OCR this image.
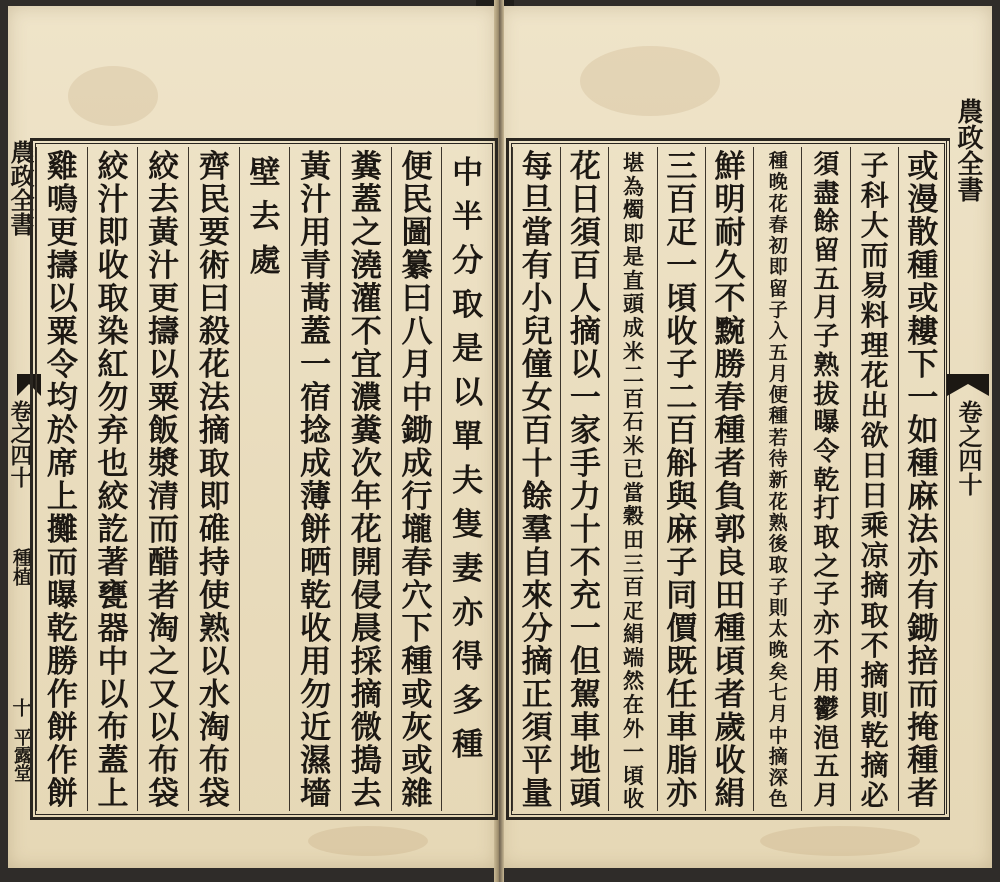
農政全書
卷之四十
種植
十
平露堂
中
半
分
取
是
以
單
夫
隻
妻
亦
得
多
種
便
民
圖
纂
曰
八
月
中
鋤
成
行
壠
春
穴
下
種
或
灰
或
雜
糞
蓋
之
澆
灌
不
宜
濃
糞
次
年
花
開
侵
晨
採
摘
微
搗
去
黃
汁
用
青
蒿
蓋
一
宿
捻
成
薄
餅
晒
乾
收
用
勿
近
濕
墻
壁
去
處
齊
民
要
術
曰
殺
花
法
摘
取
即
碓
持
使
熟
以
水
淘
布
袋
絞
去
黃
汁
更
擣
以
粟
飯
漿
清
而
醋
者
淘
之
又
以
布
袋
絞
汁
即
收
取
染
紅
勿
弃
也
絞
訖
著
甕
器
中
以
布
蓋
上
雞
鳴
更
擣
以
粟
令
均
於
席
上
攤
而
曝
乾
勝
作
餅
作
餅
或
漫
散
種
或
耬
下
一
如
種
麻
法
亦
有
鋤
掊
而
掩
種
者
子
科
大
而
易
料
理
花
出
欲
日
日
乘
凉
摘
取
不
摘
則
乾
摘
必
須
盡
餘
留
五
月
子
熟
拔
曝
令
乾
打
取
之
子
亦
不
用
鬱
浥
五
月
種
晚
花
春
初
即
留
子
入
五
月
便
種
若
待
新
花
熟
後
取
子
則
太
晚
矣
七
月
中
摘
深
色
鮮
明
耐
久
不
黦
勝
春
種
者
負
郭
良
田
種
頃
者
歲
收
絹
三
百
疋
一
頃
收
子
二
百
斛
與
麻
子
同
價
既
任
車
脂
亦
堪
為
燭
即
是
直
頭
成
米
二
百
石
米
已
當
穀
田
三
百
疋
絹
端
然
在
外
一
頃
收
花
日
須
百
人
摘
以
一
家
手
力
十
不
充
一
但
駕
車
地
頭
每
旦
當
有
小
兒
僮
女
百
十
餘
羣
自
來
分
摘
正
須
平
量
農政全書
卷之四十
